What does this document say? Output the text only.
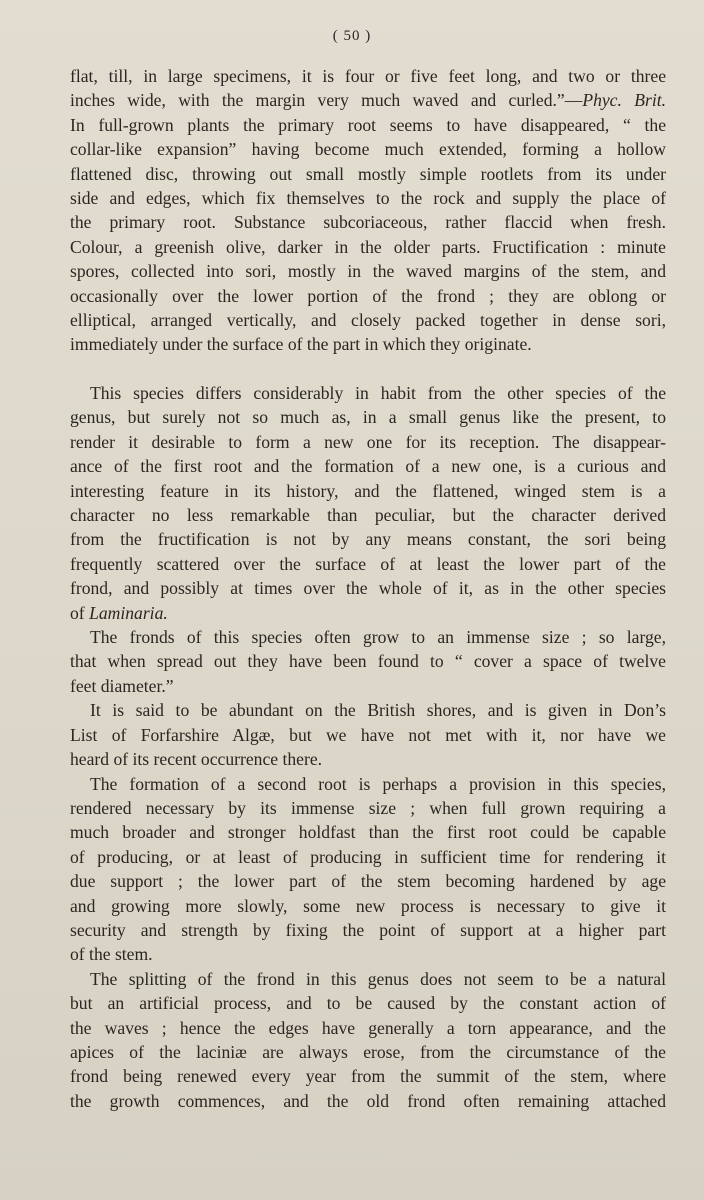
( 50 )
flat, till, in large specimens, it is four or five feet long, and two or three
inches wide, with the margin very much waved and curled.”—Phyc. Brit.
In full-grown plants the primary root seems to have disappeared, “ the
collar-like expansion” having become much extended, forming a hollow
flattened disc, throwing out small mostly simple rootlets from its under
side and edges, which fix themselves to the rock and supply the place of
the primary root. Substance subcoriaceous, rather flaccid when fresh.
Colour, a greenish olive, darker in the older parts. Fructification : minute
spores, collected into sori, mostly in the waved margins of the stem, and
occasionally over the lower portion of the frond ; they are oblong or
elliptical, arranged vertically, and closely packed together in dense sori,
immediately under the surface of the part in which they originate.
This species differs considerably in habit from the other species of the
genus, but surely not so much as, in a small genus like the present, to
render it desirable to form a new one for its reception. The disappear-
ance of the first root and the formation of a new one, is a curious and
interesting feature in its history, and the flattened, winged stem is a
character no less remarkable than peculiar, but the character derived
from the fructification is not by any means constant, the sori being
frequently scattered over the surface of at least the lower part of the
frond, and possibly at times over the whole of it, as in the other species
of Laminaria.
The fronds of this species often grow to an immense size ; so large,
that when spread out they have been found to “ cover a space of twelve
feet diameter.”
It is said to be abundant on the British shores, and is given in Don’s
List of Forfarshire Algæ, but we have not met with it, nor have we
heard of its recent occurrence there.
The formation of a second root is perhaps a provision in this species,
rendered necessary by its immense size ; when full grown requiring a
much broader and stronger holdfast than the first root could be capable
of producing, or at least of producing in sufficient time for rendering it
due support ; the lower part of the stem becoming hardened by age
and growing more slowly, some new process is necessary to give it
security and strength by fixing the point of support at a higher part
of the stem.
The splitting of the frond in this genus does not seem to be a natural
but an artificial process, and to be caused by the constant action of
the waves ; hence the edges have generally a torn appearance, and the
apices of the laciniæ are always erose, from the circumstance of the
frond being renewed every year from the summit of the stem, where
the growth commences, and the old frond often remaining attached
